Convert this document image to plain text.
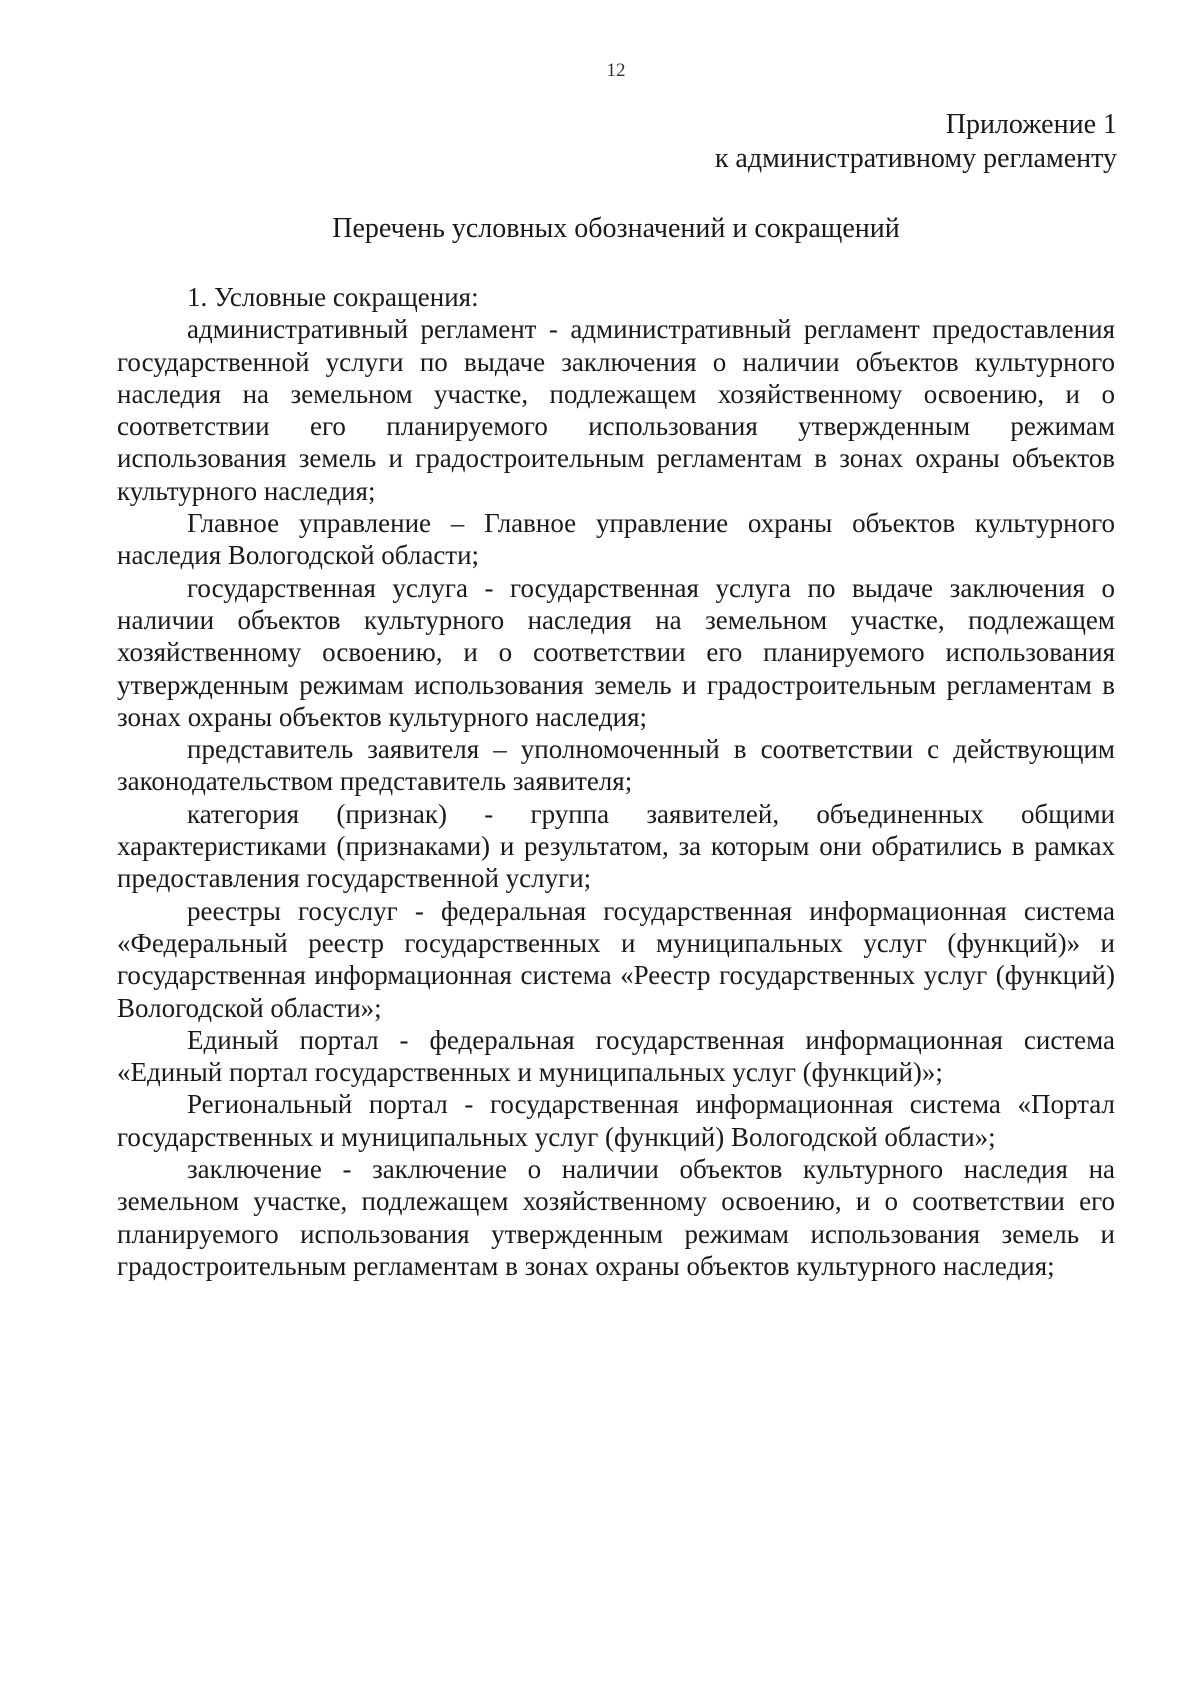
12
Приложение 1
к административному регламенту
Перечень условных обозначений и сокращений

1. Условные сокращения:

административный регламент - административный регламент предоставления государственной услуги по выдаче заключения о наличии объектов культурного наследия на земельном участке, подлежащем хозяйственному освоению, и о соответствии его планируемого использования утвержденным режимам использования земель и градостроительным регламентам в зонах охраны объектов культурного наследия;

Главное управление – Главное управление охраны объектов культурного наследия Вологодской области;

государственная услуга - государственная услуга по выдаче заключения о наличии объектов культурного наследия на земельном участке, подлежащем хозяйственному освоению, и о соответствии его планируемого использования утвержденным режимам использования земель и градостроительным регламентам в зонах охраны объектов культурного наследия;

представитель заявителя – уполномоченный в соответствии с действующим законодательством представитель заявителя;

категория (признак) - группа заявителей, объединенных общими характеристиками (признаками) и результатом, за которым они обратились в рамках предоставления государственной услуги;

реестры госуслуг - федеральная государственная информационная система «Федеральный реестр государственных и муниципальных услуг (функций)» и государственная информационная система «Реестр государственных услуг (функций) Вологодской области»;

Единый портал - федеральная государственная информационная система «Единый портал государственных и муниципальных услуг (функций)»;

Региональный портал - государственная информационная система «Портал государственных и муниципальных услуг (функций) Вологодской области»;

заключение - заключение о наличии объектов культурного наследия на земельном участке, подлежащем хозяйственному освоению, и о соответствии его планируемого использования утвержденным режимам использования земель и градостроительным регламентам в зонах охраны объектов культурного наследия;
